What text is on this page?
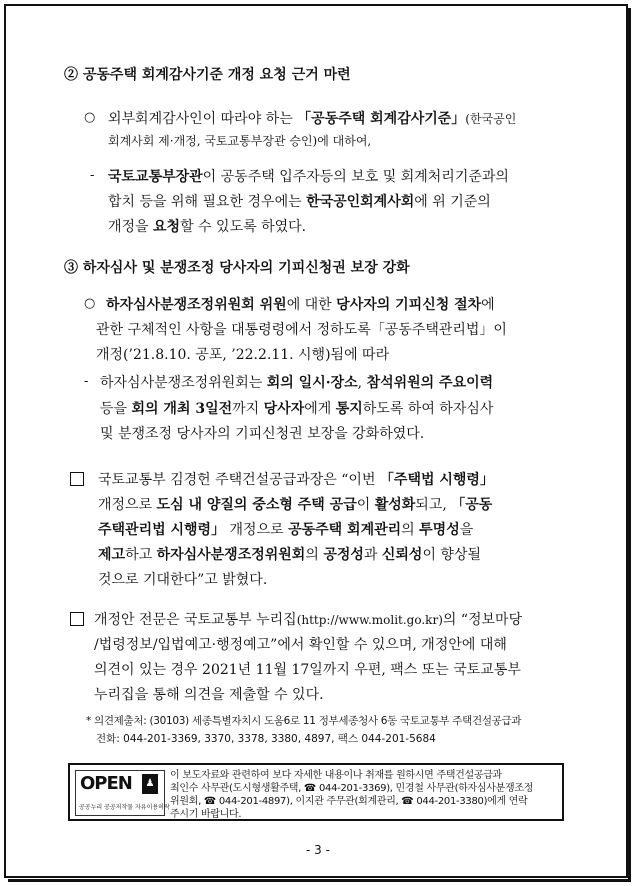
② 공동주택 회계감사기준 개정 요청 근거 마련
○ 외부회계감사인이 따라야 하는 「공동주택 회계감사기준」(한국공인
회계사회 제·개정, 국토교통부장관 승인)에 대하여,
- 국토교통부장관이 공동주택 입주자등의 보호 및 회계처리기준과의
합치 등을 위해 필요한 경우에는 한국공인회계사회에 위 기준의
개정을 요청할 수 있도록 하였다.
③ 하자심사 및 분쟁조정 당사자의 기피신청권 보장 강화
○ 하자심사분쟁조정위원회 위원에 대한 당사자의 기피신청 절차에
관한 구체적인 사항을 대통령령에서 정하도록「공동주택관리법」이
개정(’21.8.10. 공포, ’22.2.11. 시행)됨에 따라
- 하자심사분쟁조정위원회는 회의 일시·장소, 참석위원의 주요이력
등을 회의 개최 3일전까지 당사자에게 통지하도록 하여 하자심사
및 분쟁조정 당사자의 기피신청권 보장을 강화하였다.
국토교통부 김경헌 주택건설공급과장은 “이번 「주택법 시행령」
개정으로 도심 내 양질의 중소형 주택 공급이 활성화되고, 「공동
주택관리법 시행령」 개정으로 공동주택 회계관리의 투명성을
제고하고 하자심사분쟁조정위원회의 공정성과 신뢰성이 향상될
것으로 기대한다”고 밝혔다.
개정안 전문은 국토교통부 누리집(http://www.molit.go.kr)의 “정보마당
/법령정보/입법예고·행정예고”에서 확인할 수 있으며, 개정안에 대해
의견이 있는 경우 2021년 11월 17일까지 우편, 팩스 또는 국토교통부
누리집을 통해 의견을 제출할 수 있다.
* 의견제출처: (30103) 세종특별자치시 도움6로 11 정부세종청사 6동 국토교통부 주택건설공급과
전화: 044-201-3369, 3370, 3378, 3380, 4897, 팩스 044-201-5684
OPEN	♟
공공누리 공공저작물 자유이용허락
이 보도자료와 관련하여 보다 자세한 내용이나 취재를 원하시면 주택건설공급과
최인수 사무관(도시형생활주택, ☎ 044-201-3369), 민경철 사무관(하자심사분쟁조정
위원회, ☎ 044-201-4897), 이지관 주무관(회계관리, ☎ 044-201-3380)에게 연락
주시기 바랍니다.
- 3 -
